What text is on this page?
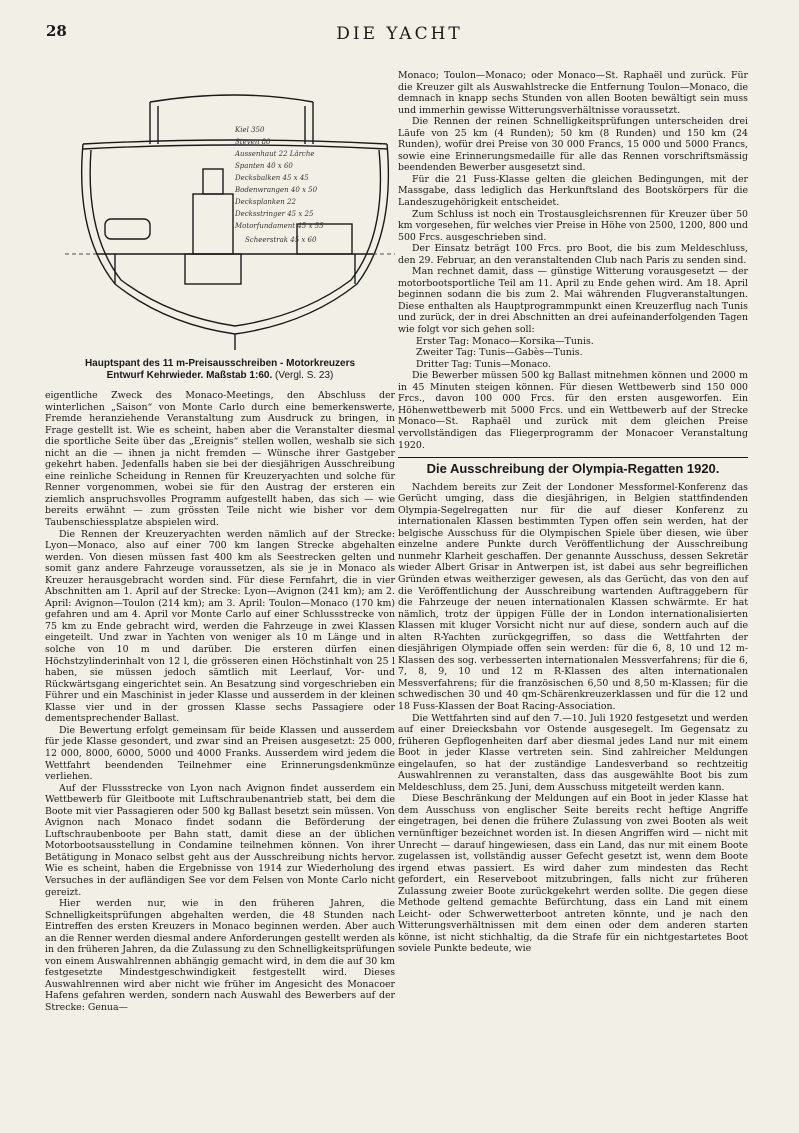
28	DIE YACHT
Kiel 350
Steven 80
Aussenhaut 22 Lärche
Spanten 40 x 60
Decksbalken 45 x 45
Bodenwrangen 40 x 50
Decksplanken 22
Decksstringer 45 x 25
Motorfundament 45 x 55
Scheerstrak 45 x 60
Hauptspant des 11 m-Preisausschreiben - Motorkreuzers
Entwurf Kehrwieder. Maßstab 1:60. (Vergl. S. 23)

eigentliche Zweck des Monaco-Meetings, den Abschluss der winterlichen „Saison“ von Monte Carlo durch eine bemerkenswerte, Fremde heranziehende Veranstaltung zum Ausdruck zu bringen, in Frage gestellt ist. Wie es scheint, haben aber die Veranstalter diesmal die sportliche Seite über das „Ereignis“ stellen wollen, weshalb sie sich nicht an die — ihnen ja nicht fremden — Wünsche ihrer Gastgeber gekehrt haben. Jedenfalls haben sie bei der diesjährigen Ausschreibung eine reinliche Scheidung in Rennen für Kreuzeryachten und solche für Renner vorgenommen, wobei sie für den Austrag der ersteren ein ziemlich anspruchsvolles Programm aufgestellt haben, das sich — wie bereits erwähnt — zum grössten Teile nicht wie bisher vor dem Taubenschiessplatze abspielen wird.

Die Rennen der Kreuzeryachten werden nämlich auf der Strecke: Lyon—Monaco, also auf einer 700 km langen Strecke abgehalten werden. Von diesen müssen fast 400 km als Seestrecken gelten und somit ganz andere Fahrzeuge voraussetzen, als sie je in Monaco als Kreuzer herausgebracht worden sind. Für diese Fernfahrt, die in vier Abschnitten am 1. April auf der Strecke: Lyon—Avignon (241 km); am 2. April: Avignon—Toulon (214 km); am 3. April: Toulon—Monaco (170 km) gefahren und am 4. April vor Monte Carlo auf einer Schlussstrecke von 75 km zu Ende gebracht wird, werden die Fahrzeuge in zwei Klassen eingeteilt. Und zwar in Yachten von weniger als 10 m Länge und in solche von 10 m und darüber. Die ersteren dürfen einen Höchstzylinderinhalt von 12 l, die grösseren einen Höchstinhalt von 25 l haben, sie müssen jedoch sämtlich mit Leerlauf, Vor- und Rückwärtsgang eingerichtet sein. An Besatzung sind vorgeschrieben ein Führer und ein Maschinist in jeder Klasse und ausserdem in der kleinen Klasse vier und in der grossen Klasse sechs Passagiere oder dementsprechender Ballast.

Die Bewertung erfolgt gemeinsam für beide Klassen und ausserdem für jede Klasse gesondert, und zwar sind an Preisen ausgesetzt: 25 000, 12 000, 8000, 6000, 5000 und 4000 Franks. Ausserdem wird jedem die Wettfahrt beendenden Teilnehmer eine Erinnerungsdenkmünze verliehen.

Auf der Flussstrecke von Lyon nach Avignon findet ausserdem ein Wettbewerb für Gleitboote mit Luftschraubenantrieb statt, bei dem die Boote mit vier Passagieren oder 500 kg Ballast besetzt sein müssen. Von Avignon nach Monaco findet sodann die Beförderung der Luftschraubenboote per Bahn statt, damit diese an der üblichen Motorbootsausstellung in Condamine teilnehmen können. Von ihrer Betätigung in Monaco selbst geht aus der Ausschreibung nichts hervor. Wie es scheint, haben die Ergebnisse von 1914 zur Wiederholung des Versuches in der aufländigen See vor dem Felsen von Monte Carlo nicht gereizt.

Hier werden nur, wie in den früheren Jahren, die Schnelligkeitsprüfungen abgehalten werden, die 48 Stunden nach Eintreffen des ersten Kreuzers in Monaco beginnen werden. Aber auch an die Renner werden diesmal andere Anforderungen gestellt werden als in den früheren Jahren, da die Zulassung zu den Schnelligkeitsprüfungen von einem Auswahlrennen abhängig gemacht wird, in dem die auf 30 km festgesetzte Mindestgeschwindigkeit festgestellt wird. Dieses Auswahlrennen wird aber nicht wie früher im Angesicht des Monacoer Hafens gefahren werden, sondern nach Auswahl des Bewerbers auf der Strecke: Genua—

Monaco; Toulon—Monaco; oder Monaco—St. Raphaël und zurück. Für die Kreuzer gilt als Auswahlstrecke die Entfernung Toulon—Monaco, die demnach in knapp sechs Stunden von allen Booten bewältigt sein muss und immerhin gewisse Witterungsverhältnisse voraussetzt.

Die Rennen der reinen Schnelligkeitsprüfungen unterscheiden drei Läufe von 25 km (4 Runden); 50 km (8 Runden) und 150 km (24 Runden), wofür drei Preise von 30 000 Francs, 15 000 und 5000 Francs, sowie eine Erinnerungsmedaille für alle das Rennen vorschriftsmässig beendenden Bewerber ausgesetzt sind.

Für die 21 Fuss-Klasse gelten die gleichen Bedingungen, mit der Massgabe, dass lediglich das Herkunftsland des Bootskörpers für die Landeszugehörigkeit entscheidet.

Zum Schluss ist noch ein Trostausgleichsrennen für Kreuzer über 50 km vorgesehen, für welches vier Preise in Höhe von 2500, 1200, 800 und 500 Frcs. ausgeschrieben sind.

Der Einsatz beträgt 100 Frcs. pro Boot, die bis zum Meldeschluss, den 29. Februar, an den veranstaltenden Club nach Paris zu senden sind.

Man rechnet damit, dass — günstige Witterung vorausgesetzt — der motorbootsportliche Teil am 11. April zu Ende gehen wird. Am 18. April beginnen sodann die bis zum 2. Mai währenden Flugveranstaltungen. Diese enthalten als Hauptprogrammpunkt einen Kreuzerflug nach Tunis und zurück, der in drei Abschnitten an drei aufeinanderfolgenden Tagen wie folgt vor sich gehen soll:

Erster Tag: Monaco—Korsika—Tunis.
Zweiter Tag: Tunis—Gabès—Tunis.
Dritter Tag: Tunis—Monaco.

Die Bewerber müssen 500 kg Ballast mitnehmen können und 2000 m in 45 Minuten steigen können. Für diesen Wettbewerb sind 150 000 Frcs., davon 100 000 Frcs. für den ersten ausgeworfen. Ein Höhenwettbewerb mit 5000 Frcs. und ein Wettbewerb auf der Strecke Monaco—St. Raphaël und zurück mit dem gleichen Preise vervollständigen das Fliegerprogramm der Monacoer Veranstaltung 1920.

Die Ausschreibung der Olympia-Regatten 1920.

Nachdem bereits zur Zeit der Londoner Messformel-Konferenz das Gerücht umging, dass die diesjährigen, in Belgien stattfindenden Olympia-Segelregatten nur für die auf dieser Konferenz zu internationalen Klassen bestimmten Typen offen sein werden, hat der belgische Ausschuss für die Olympischen Spiele über diesen, wie über einzelne andere Punkte durch Veröffentlichung der Ausschreibung nunmehr Klarheit geschaffen. Der genannte Ausschuss, dessen Sekretär wieder Albert Grisar in Antwerpen ist, ist dabei aus sehr begreiflichen Gründen etwas weitherziger gewesen, als das Gerücht, das von den auf die Veröffentlichung der Ausschreibung wartenden Auftraggebern für die Fahrzeuge der neuen internationalen Klassen schwärmte. Er hat nämlich, trotz der üppigen Fülle der in London internationalisierten Klassen mit kluger Vorsicht nicht nur auf diese, sondern auch auf die alten R-Yachten zurückgegriffen, so dass die Wettfahrten der diesjährigen Olympiade offen sein werden: für die 6, 8, 10 und 12 m-Klassen des sog. verbesserten internationalen Messverfahrens; für die 6, 7, 8, 9, 10 und 12 m R-Klassen des alten internationalen Messverfahrens; für die französischen 6,50 und 8,50 m-Klassen; für die schwedischen 30 und 40 qm-Schärenkreuzerklassen und für die 12 und 18 Fuss-Klassen der Boat Racing-Association.

Die Wettfahrten sind auf den 7.—10. Juli 1920 festgesetzt und werden auf einer Dreiecksbahn vor Ostende ausgesegelt. Im Gegensatz zu früheren Gepflogenheiten darf aber diesmal jedes Land nur mit einem Boot in jeder Klasse vertreten sein. Sind zahlreicher Meldungen eingelaufen, so hat der zuständige Landesverband so rechtzeitig Auswahlrennen zu veranstalten, dass das ausgewählte Boot bis zum Meldeschluss, dem 25. Juni, dem Ausschuss mitgeteilt werden kann.

Diese Beschränkung der Meldungen auf ein Boot in jeder Klasse hat dem Ausschuss von englischer Seite bereits recht heftige Angriffe eingetragen, bei denen die frühere Zulassung von zwei Booten als weit vernünftiger bezeichnet worden ist. In diesen Angriffen wird — nicht mit Unrecht — darauf hingewiesen, dass ein Land, das nur mit einem Boote zugelassen ist, vollständig ausser Gefecht gesetzt ist, wenn dem Boote irgend etwas passiert. Es wird daher zum mindesten das Recht gefordert, ein Reserveboot mitzubringen, falls nicht zur früheren Zulassung zweier Boote zurückgekehrt werden sollte. Die gegen diese Methode geltend gemachte Befürchtung, dass ein Land mit einem Leicht- oder Schwerwetterboot antreten könnte, und je nach den Witterungsverhältnissen mit dem einen oder dem anderen starten könne, ist nicht stichhaltig, da die Strafe für ein nichtgestartetes Boot soviele Punkte bedeute, wie
